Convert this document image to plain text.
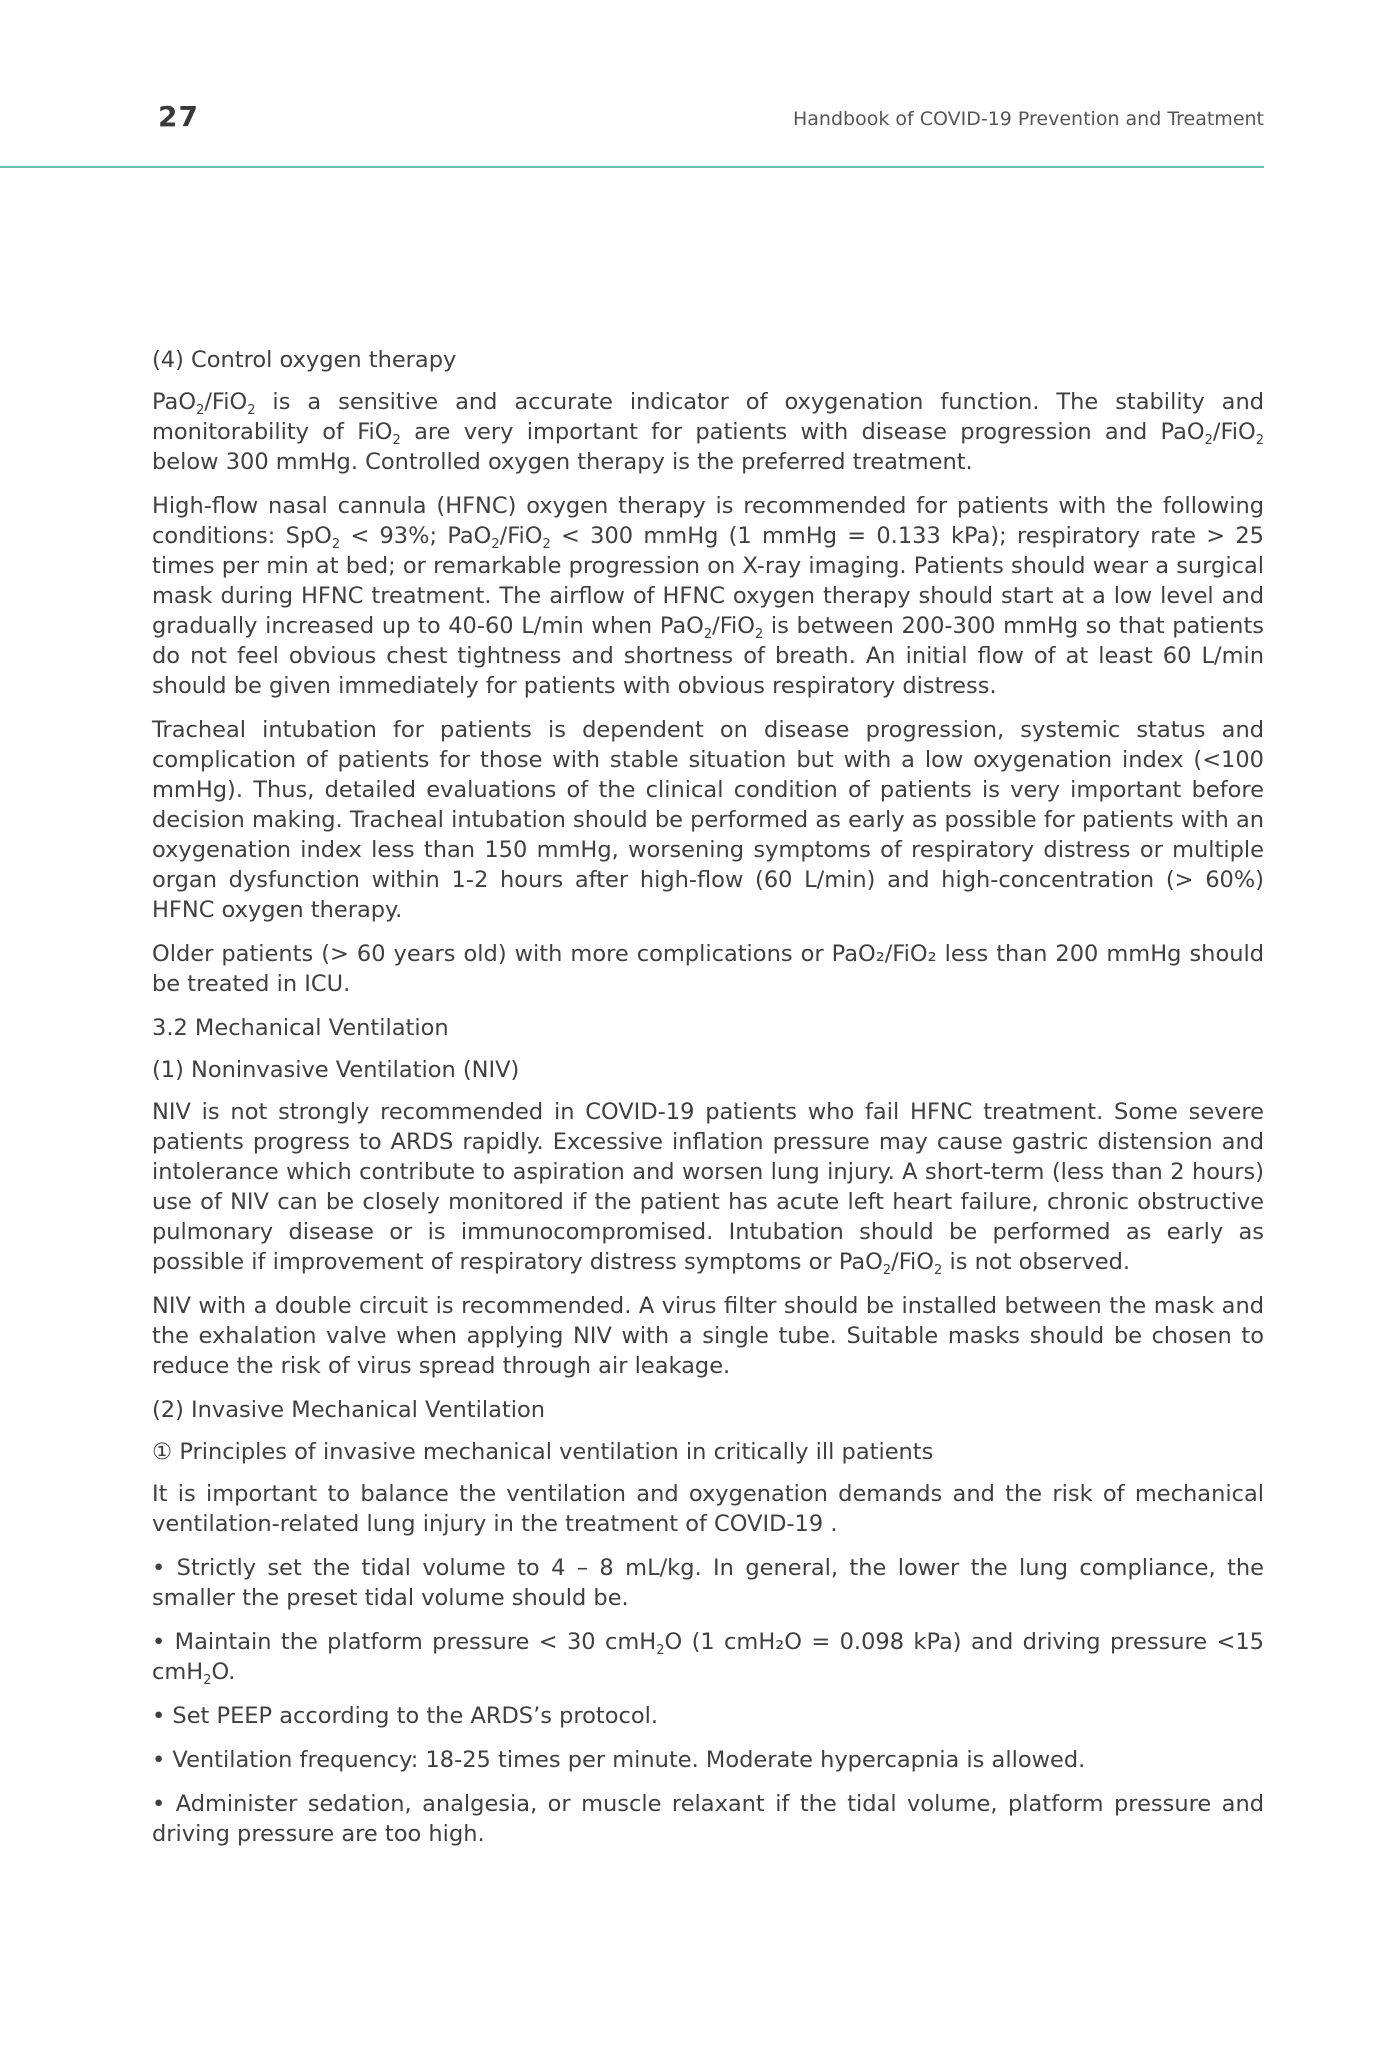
27	Handbook of COVID-19 Prevention and Treatment

(4) Control oxygen therapy

PaO$_2$/FiO$_2$ is a sensitive and accurate indicator of oxygenation function. The stability and monitorability of FiO$_2$ are very important for patients with disease progression and PaO$_2$/FiO$_2$ below 300 mmHg. Controlled oxygen therapy is the preferred treatment.

High-flow nasal cannula (HFNC) oxygen therapy is recommended for patients with the following conditions: SpO$_2$ < 93%; PaO$_2$/FiO$_2$ < 300 mmHg (1 mmHg = 0.133 kPa); respiratory rate > 25 times per min at bed; or remarkable progression on X-ray imaging. Patients should wear a surgical mask during HFNC treatment. The airflow of HFNC oxygen therapy should start at a low level and gradually increased up to 40-60 L/min when PaO$_2$/FiO$_2$ is between 200-300 mmHg so that patients do not feel obvious chest tightness and shortness of breath. An initial flow of at least 60 L/min should be given immediately for patients with obvious respiratory distress.

Tracheal intubation for patients is dependent on disease progression, systemic status and complication of patients for those with stable situation but with a low oxygenation index (<100 mmHg). Thus, detailed evaluations of the clinical condition of patients is very important before decision making. Tracheal intubation should be performed as early as possible for patients with an oxygenation index less than 150 mmHg, worsening symptoms of respiratory distress or multiple organ dysfunction within 1-2 hours after high-flow (60 L/min) and high-concentration (> 60%) HFNC oxygen therapy.

Older patients (> 60 years old) with more complications or PaO₂/FiO₂ less than 200 mmHg should be treated in ICU.

3.2 Mechanical Ventilation

(1) Noninvasive Ventilation (NIV)

NIV is not strongly recommended in COVID-19 patients who fail HFNC treatment. Some severe patients progress to ARDS rapidly. Excessive inflation pressure may cause gastric distension and intolerance which contribute to aspiration and worsen lung injury. A short-term (less than 2 hours) use of NIV can be closely monitored if the patient has acute left heart failure, chronic obstructive pulmonary disease or is immunocompromised. Intubation should be performed as early as possible if improvement of respiratory distress symptoms or PaO$_2$/FiO$_2$ is not observed.

NIV with a double circuit is recommended. A virus filter should be installed between the mask and the exhalation valve when applying NIV with a single tube. Suitable masks should be chosen to reduce the risk of virus spread through air leakage.

(2) Invasive Mechanical Ventilation

① Principles of invasive mechanical ventilation in critically ill patients

It is important to balance the ventilation and oxygenation demands and the risk of mechanical ventilation-related lung injury in the treatment of COVID-19 .

• Strictly set the tidal volume to 4 – 8 mL/kg. In general, the lower the lung compliance, the smaller the preset tidal volume should be.

• Maintain the platform pressure < 30 cmH$_2$O (1 cmH₂O = 0.098 kPa) and driving pressure <15 cmH$_2$O.

• Set PEEP according to the ARDS’s protocol.

• Ventilation frequency: 18-25 times per minute. Moderate hypercapnia is allowed.

• Administer sedation, analgesia, or muscle relaxant if the tidal volume, platform pressure and driving pressure are too high.
